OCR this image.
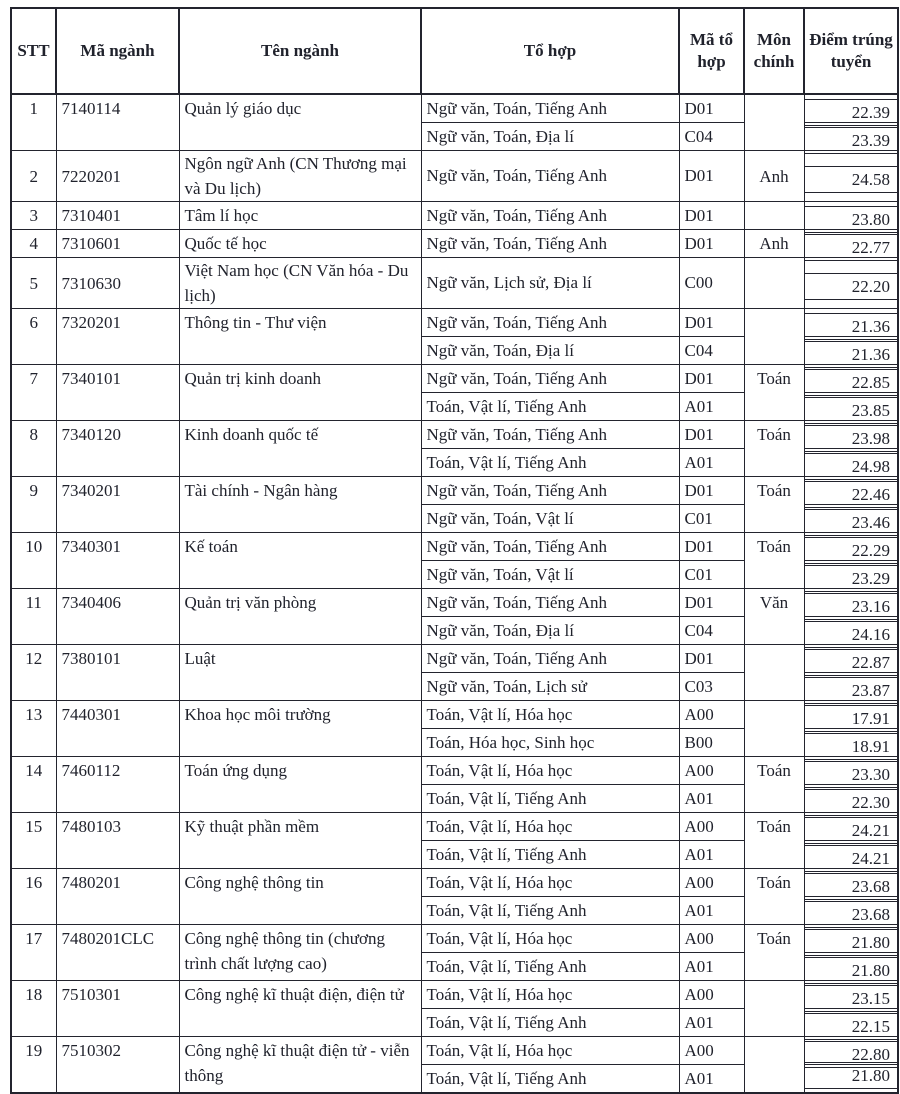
STT	Mã ngành	Tên ngành	Tổ hợp	Mã tổ hợp	Môn chính	Điểm trúng tuyển
1	7140114	Quản lý giáo dục	Ngữ văn, Toán, Tiếng Anh	D01		22.39

			Ngữ văn, Toán, Địa lí	C04		23.39

2	7220201	Ngôn ngữ Anh (CN Thương mại và Du lịch)	Ngữ văn, Toán, Tiếng Anh	D01	Anh	24.58

3	7310401	Tâm lí học	Ngữ văn, Toán, Tiếng Anh	D01		23.80

4	7310601	Quốc tế học	Ngữ văn, Toán, Tiếng Anh	D01	Anh	22.77

5	7310630	Việt Nam học (CN Văn hóa - Du lịch)	Ngữ văn, Lịch sử, Địa lí	C00		22.20

6	7320201	Thông tin - Thư viện	Ngữ văn, Toán, Tiếng Anh	D01		21.36

			Ngữ văn, Toán, Địa lí	C04		21.36

7	7340101	Quản trị kinh doanh	Ngữ văn, Toán, Tiếng Anh	D01	Toán	22.85

			Toán, Vật lí, Tiếng Anh	A01		23.85

8	7340120	Kinh doanh quốc tế	Ngữ văn, Toán, Tiếng Anh	D01	Toán	23.98

			Toán, Vật lí, Tiếng Anh	A01		24.98

9	7340201	Tài chính - Ngân hàng	Ngữ văn, Toán, Tiếng Anh	D01	Toán	22.46

			Ngữ văn, Toán, Vật lí	C01		23.46

10	7340301	Kế toán	Ngữ văn, Toán, Tiếng Anh	D01	Toán	22.29

			Ngữ văn, Toán, Vật lí	C01		23.29

11	7340406	Quản trị văn phòng	Ngữ văn, Toán, Tiếng Anh	D01	Văn	23.16

			Ngữ văn, Toán, Địa lí	C04		24.16

12	7380101	Luật	Ngữ văn, Toán, Tiếng Anh	D01		22.87

			Ngữ văn, Toán, Lịch sử	C03		23.87

13	7440301	Khoa học môi trường	Toán, Vật lí, Hóa học	A00		17.91

			Toán, Hóa học, Sinh học	B00		18.91

14	7460112	Toán ứng dụng	Toán, Vật lí, Hóa học	A00	Toán	23.30

			Toán, Vật lí, Tiếng Anh	A01		22.30

15	7480103	Kỹ thuật phần mềm	Toán, Vật lí, Hóa học	A00	Toán	24.21

			Toán, Vật lí, Tiếng Anh	A01		24.21

16	7480201	Công nghệ thông tin	Toán, Vật lí, Hóa học	A00	Toán	23.68

			Toán, Vật lí, Tiếng Anh	A01		23.68

17	7480201CLC	Công nghệ thông tin (chương trình chất lượng cao)	Toán, Vật lí, Hóa học	A00	Toán	21.80

			Toán, Vật lí, Tiếng Anh	A01		21.80

18	7510301	Công nghệ kĩ thuật điện, điện tử	Toán, Vật lí, Hóa học	A00		23.15

			Toán, Vật lí, Tiếng Anh	A01		22.15

19	7510302	Công nghệ kĩ thuật điện tử - viễn thông	Toán, Vật lí, Hóa học	A00		22.80

			Toán, Vật lí, Tiếng Anh	A01		21.80
